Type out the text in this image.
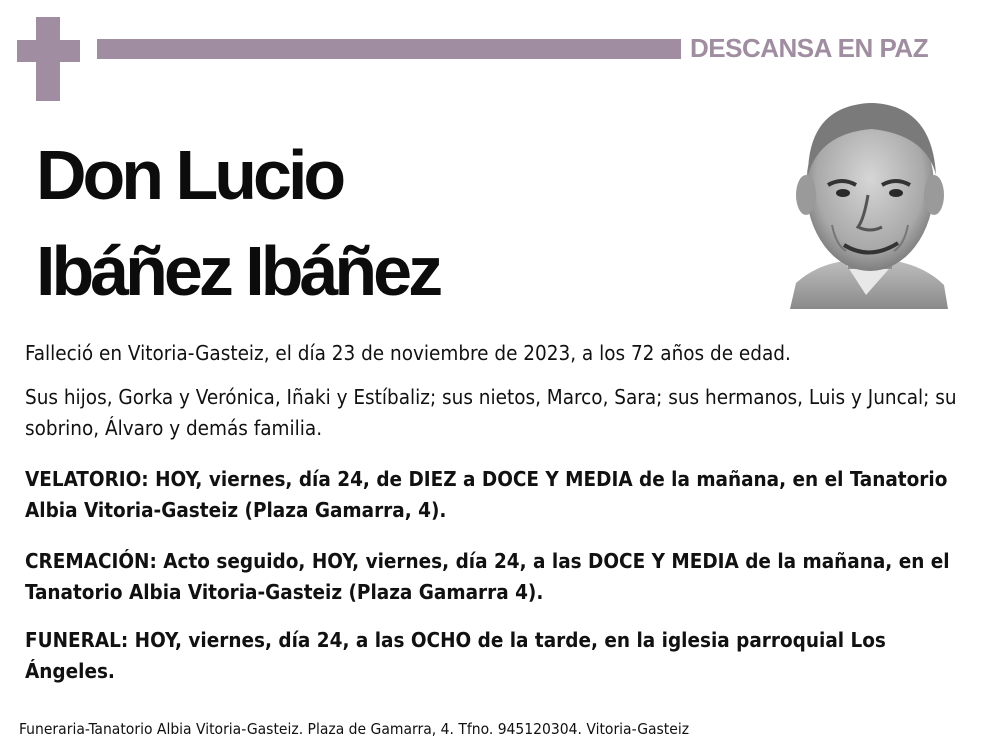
DESCANSA EN PAZ
Don Lucio
Ibáñez Ibáñez

Falleció en Vitoria-Gasteiz, el día 23 de noviembre de 2023, a los 72 años de edad.

Sus hijos, Gorka y Verónica, Iñaki y Estíbaliz; sus nietos, Marco, Sara; sus hermanos, Luis y Juncal; su sobrino, Álvaro y demás familia.

VELATORIO: HOY, viernes, día 24, de DIEZ a DOCE Y MEDIA de la mañana, en el Tanatorio Albia Vitoria-Gasteiz (Plaza Gamarra, 4).

CREMACIÓN: Acto seguido, HOY, viernes, día 24, a las DOCE Y MEDIA de la mañana, en el Tanatorio Albia Vitoria-Gasteiz (Plaza Gamarra 4).

FUNERAL: HOY, viernes, día 24, a las OCHO de la tarde, en la iglesia parroquial Los Ángeles.

Funeraria-Tanatorio Albia Vitoria-Gasteiz. Plaza de Gamarra, 4. Tfno. 945120304. Vitoria-Gasteiz
